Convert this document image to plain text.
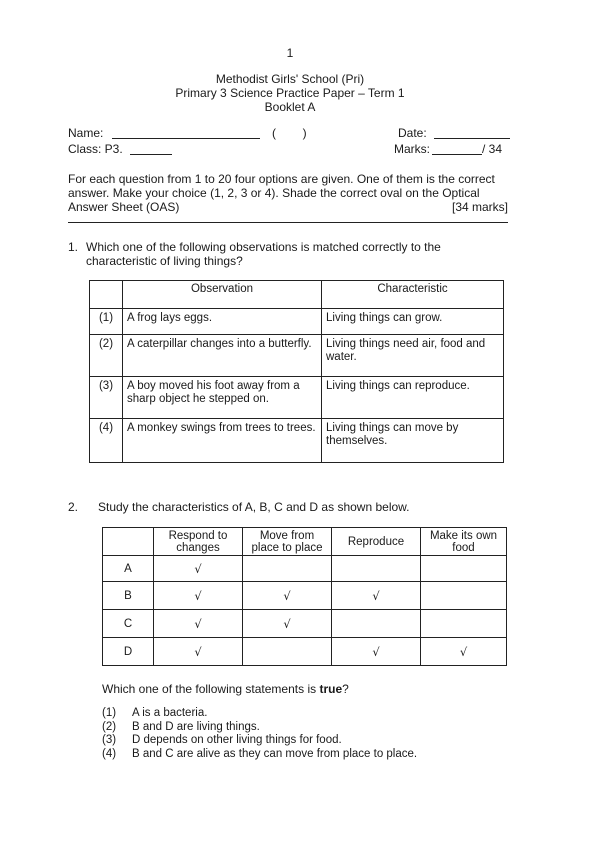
1
Methodist Girls' School (Pri)
Primary 3 Science Practice Paper – Term 1
Booklet A
Name:	(        )	Date:
Class: P3.	Marks:	/ 34
For each question from 1 to 20 four options are given. One of them is the correct answer. Make your choice (1, 2, 3 or 4). Shade the correct oval on the Optical Answer Sheet (OAS)	[34 marks]
1. Which one of the following observations is matched correctly to the characteristic of living things?
	Observation	Characteristic
(1)	A frog lays eggs.	Living things can grow.
(2)	A caterpillar changes into a butterfly.	Living things need air, food and water.
(3)	A boy moved his foot away from a sharp object he stepped on.	Living things can reproduce.
(4)	A monkey swings from trees to trees.	Living things can move by themselves.
2. Study the characteristics of A, B, C and D as shown below.
	Respond to changes	Move from place to place	Reproduce	Make its own food
A	√			
B	√	√	√	
C	√	√		
D	√		√	√
Which one of the following statements is true?
(1)	A is a bacteria.
(2)	B and D are living things.
(3)	D depends on other living things for food.
(4)	B and C are alive as they can move from place to place.
